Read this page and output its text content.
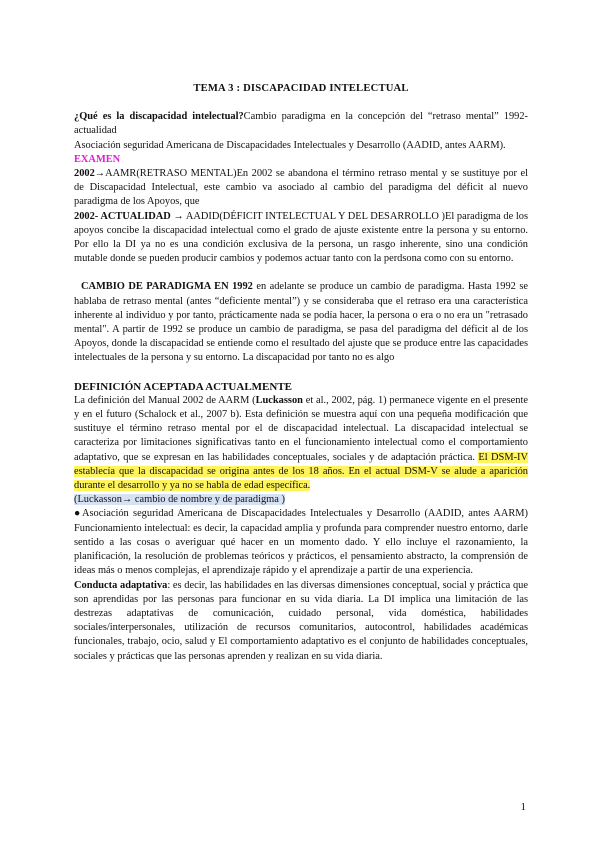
TEMA 3 : DISCAPACIDAD INTELECTUAL

¿Qué es la discapacidad intelectual?Cambio paradigma en la concepción del “retraso mental” 1992-actualidad

Asociación seguridad Americana de Discapacidades Intelectuales y Desarrollo (AADID, antes AARM).

EXAMEN

2002→AAMR(RETRASO MENTAL)En 2002 se abandona el término retraso mental y se sustituye por el de Discapacidad Intelectual, este cambio va asociado al cambio del paradigma del déficit al nuevo paradigma de los Apoyos, que

2002- ACTUALIDAD → AADID(DÉFICIT INTELECTUAL Y DEL DESARROLLO )El paradigma de los apoyos concibe la discapacidad intelectual como el grado de ajuste existente entre la persona y su entorno. Por ello la DI ya no es una condición exclusiva de la persona, un rasgo inherente, sino una condición mutable donde se pueden producir cambios y podemos actuar tanto con la perdsona como con su entorno.

CAMBIO DE PARADIGMA EN 1992 en adelante se produce un cambio de paradigma. Hasta 1992 se hablaba de retraso mental (antes “deficiente mental”) y se consideraba que el retraso era una característica inherente al individuo y por tanto, prácticamente nada se podía hacer, la persona o era o no era un "retrasado mental". A partir de 1992 se produce un cambio de paradigma, se pasa del paradigma del déficit al de los Apoyos, donde la discapacidad se entiende como el resultado del ajuste que se produce entre las capacidades intelectuales de la persona y su entorno. La discapacidad por tanto no es algo

DEFINICIÓN ACEPTADA ACTUALMENTE

La definición del Manual 2002 de AARM (Luckasson et al., 2002, pág. 1) permanece vigente en el presente y en el futuro (Schalock et al., 2007 b). Esta definición se muestra aquí con una pequeña modificación que sustituye el término retraso mental por el de discapacidad intelectual. La discapacidad intelectual se caracteriza por limitaciones significativas tanto en el funcionamiento intelectual como el comportamiento adaptativo, que se expresan en las habilidades conceptuales, sociales y de adaptación práctica. El DSM-IV establecía que la discapacidad se origina antes de los 18 años. En el actual DSM-V se alude a aparición durante el desarrollo y ya no se habla de edad específica.

(Luckasson→ cambio de nombre y de paradigma )

●Asociación seguridad Americana de Discapacidades Intelectuales y Desarrollo (AADID, antes AARM) Funcionamiento intelectual: es decir, la capacidad amplia y profunda para comprender nuestro entorno, darle sentido a las cosas o averiguar qué hacer en un momento dado. Y ello incluye el razonamiento, la planificación, la resolución de problemas teóricos y prácticos, el pensamiento abstracto, la comprensión de ideas más o menos complejas, el aprendizaje rápido y el aprendizaje a partir de una experiencia.

Conducta adaptativa: es decir, las habilidades en las diversas dimensiones conceptual, social y práctica que son aprendidas por las personas para funcionar en su vida diaria. La DI implica una limitación de las destrezas adaptativas de comunicación, cuidado personal, vida doméstica, habilidades sociales/interpersonales, utilización de recursos comunitarios, autocontrol, habilidades académicas funcionales, trabajo, ocio, salud y El comportamiento adaptativo es el conjunto de habilidades conceptuales, sociales y prácticas que las personas aprenden y realizan en su vida diaria.

1
